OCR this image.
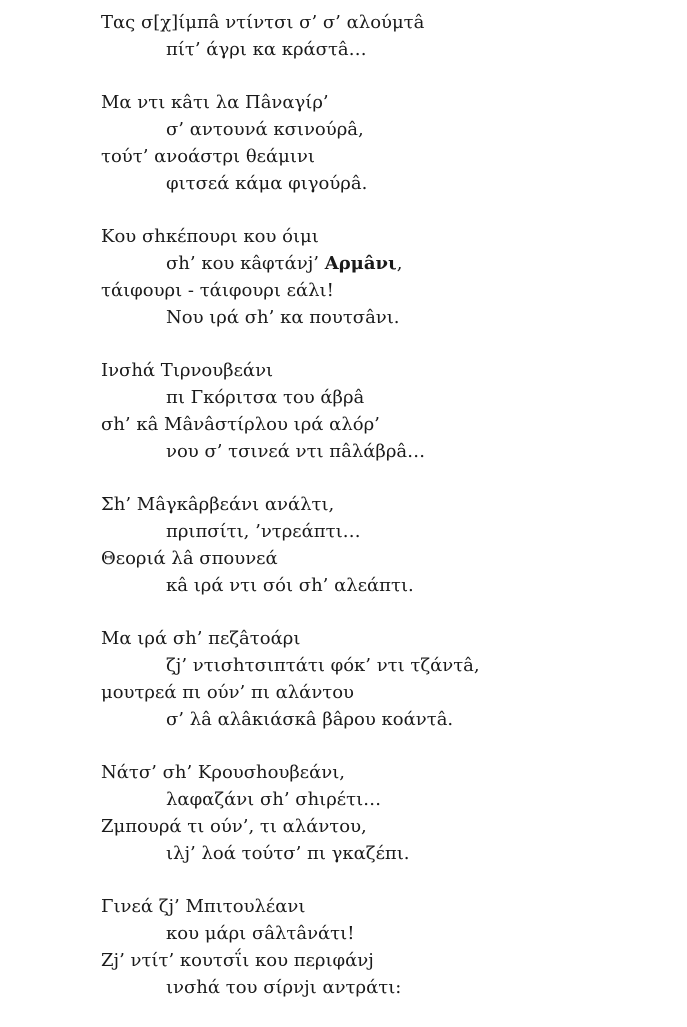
Τας σ[χ]ίμπâ ντίντσι σ’ σ’ αλούμτâ
πίτ’ άγρι κα κράστâ…
Μα ντι κâτι λα Πâναγίρ’
σ’ αντουνά κσινούρâ,
τούτ’ ανοάστρι θεάμινι
φιτσεά κάμα φιγούρâ.
Κου σhκέπουρι κου όιμι
σh’ κου κâφτάνj’ Αρμâνι,
τάιφουρι - τάιφουρι εάλι!
Νου ιρά σh’ κα πουτσâνι.
Ινσhά Τιρνουβεάνι
πι Γκόριτσα του άβρâ
σh’ κâ Μâνâστίρλου ιρά αλόρ’
νου σ’ τσινεά ντι πâλάβρâ…
Σh’ Μâγκâρβεάνι ανάλτι,
πριπσίτι, ’ντρεάπτι…
Θεοριά λâ σπουνεά
κâ ιρά ντι σόι σh’ αλεάπτι.
Μα ιρά σh’ πεζâτοάρι
ζj’ ντισhτσιπτάτι φόκ’ ντι τζάντâ,
μουτρεά πι ούν’ πι αλάντου
σ’ λâ αλâκιάσκâ βâρου κοάντâ.
Νάτσ’ σh’ Κρουσhουβεάνι,
λαφαζάνι σh’ σhιρέτι…
Ζμπουρά τι ούν’, τι αλάντου,
ιλj’ λοά τούτσ’ πι γκαζέπι.
Γινεά ζj’ Μπιτουλέανι
κου μάρι σâλτâνάτι!
Zj’ ντίτ’ κουτσΐι κου περιφάνj
ινσhά του σίρνjι αντράτι:
